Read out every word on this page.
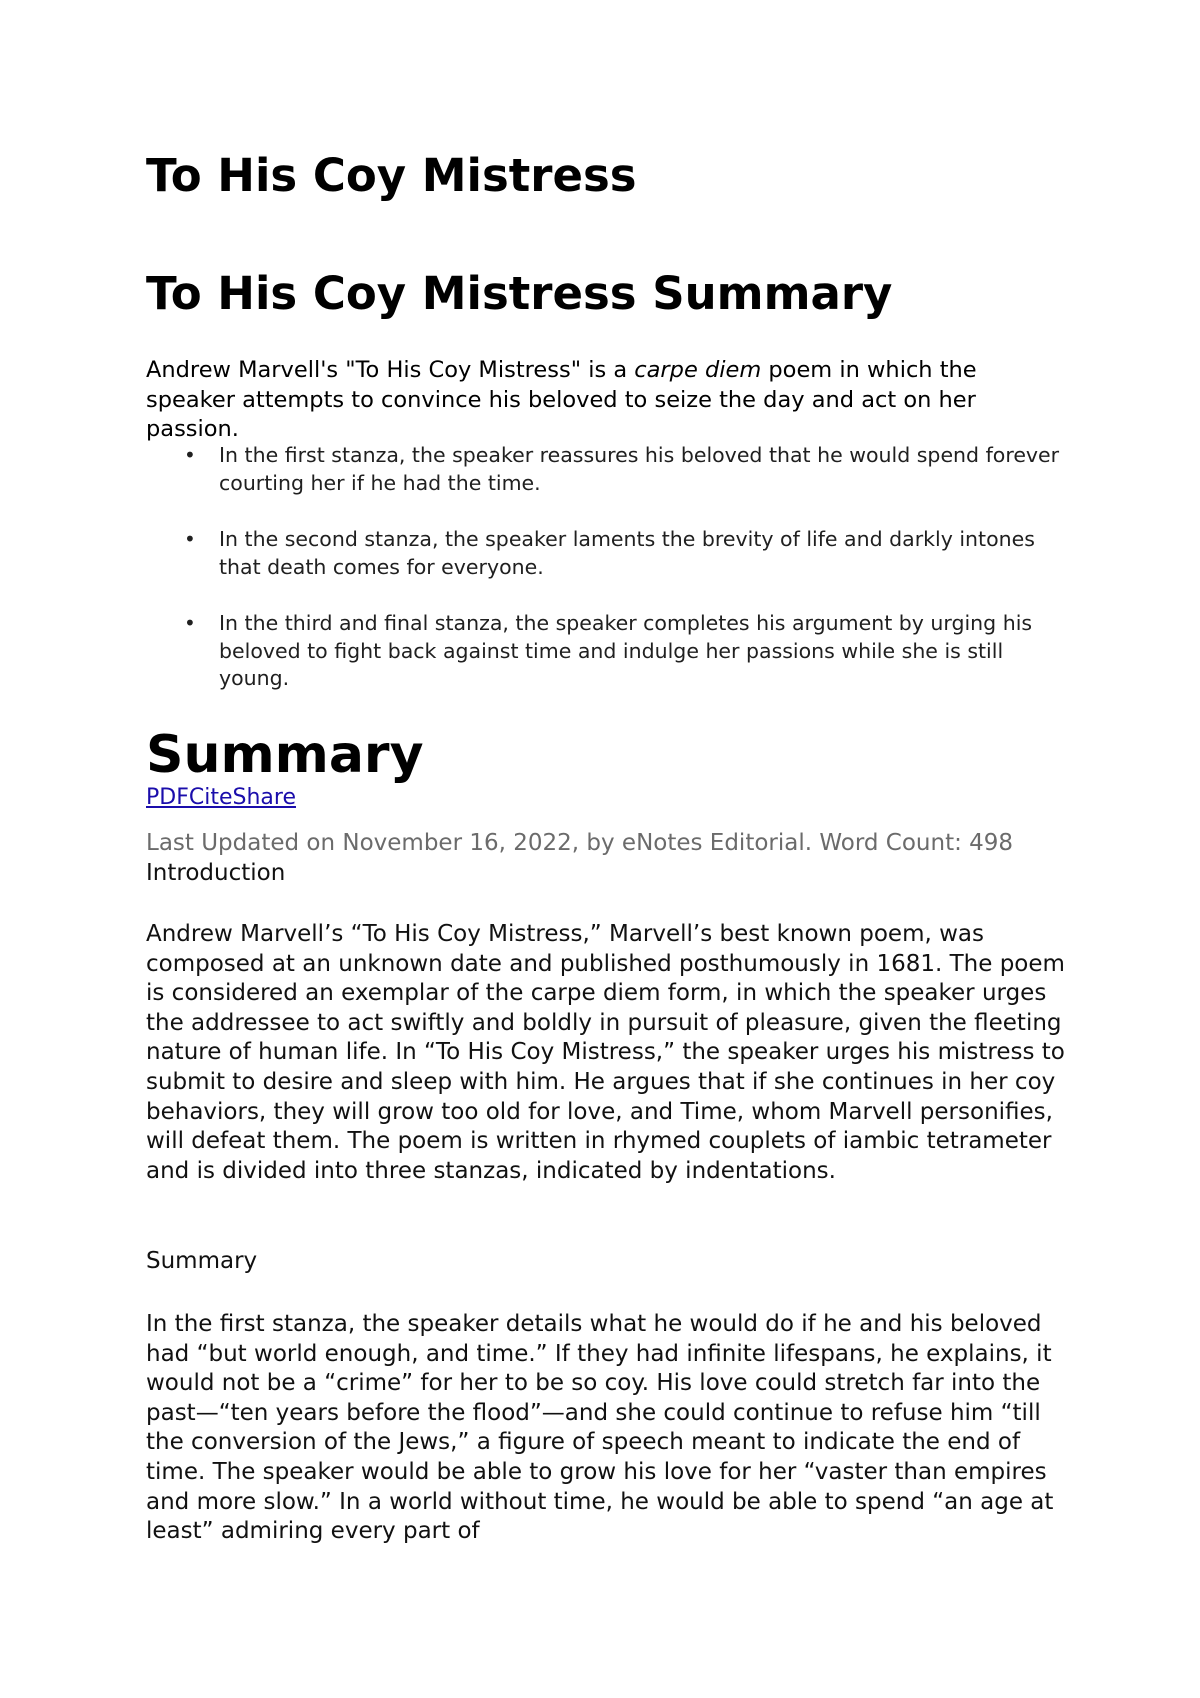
To His Coy Mistress
To His Coy Mistress Summary

Andrew Marvell's "To His Coy Mistress" is a carpe diem poem in which the speaker attempts to convince his beloved to seize the day and act on her passion.

• In the first stanza, the speaker reassures his beloved that he would spend forever courting her if he had the time.
• In the second stanza, the speaker laments the brevity of life and darkly intones that death comes for everyone.
• In the third and final stanza, the speaker completes his argument by urging his beloved to fight back against time and indulge her passions while she is still young.
Summary
PDFCiteShare
Last Updated on November 16, 2022, by eNotes Editorial. Word Count: 498
Introduction

Andrew Marvell’s “To His Coy Mistress,” Marvell’s best known poem, was composed at an unknown date and published posthumously in 1681. The poem is considered an exemplar of the carpe diem form, in which the speaker urges the addressee to act swiftly and boldly in pursuit of pleasure, given the fleeting nature of human life. In “To His Coy Mistress,” the speaker urges his mistress to submit to desire and sleep with him. He argues that if she continues in her coy behaviors, they will grow too old for love, and Time, whom Marvell personifies, will defeat them. The poem is written in rhymed couplets of iambic tetrameter and is divided into three stanzas, indicated by indentations.

Summary

In the first stanza, the speaker details what he would do if he and his beloved had “but world enough, and time.” If they had infinite lifespans, he explains, it would not be a “crime” for her to be so coy. His love could stretch far into the past—“ten years before the flood”—and she could continue to refuse him “till the conversion of the Jews,” a figure of speech meant to indicate the end of time. The speaker would be able to grow his love for her “vaster than empires and more slow.” In a world without time, he would be able to spend “an age at least” admiring every part of
